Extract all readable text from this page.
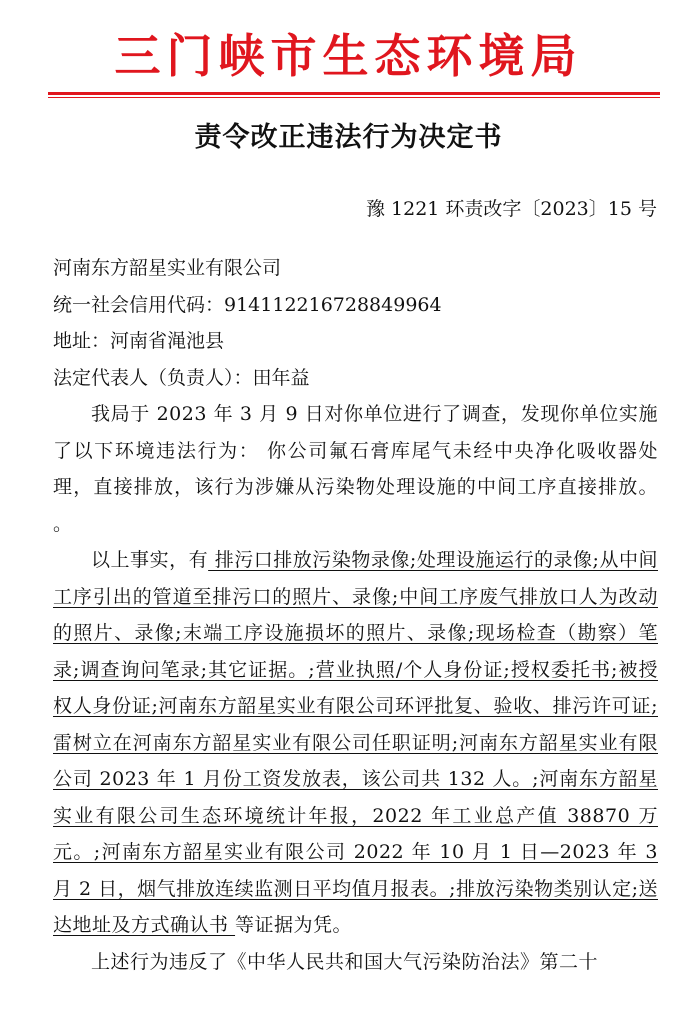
三门峡市生态环境局
责令改正违法行为决定书
豫 1221 环责改字〔2023〕15 号
河南东方韶星实业有限公司
统一社会信用代码：914112216728849964
地址：河南省渑池县
法定代表人（负责人）：田年益
我局于 2023 年 3 月 9 日对你单位进行了调查，发现你单位实施了以下环境违法行为： 你公司氟石膏库尾气未经中央净化吸收器处理，直接排放，该行为涉嫌从污染物处理设施的中间工序直接排放。 。
以上事实，有 排污口排放污染物录像;处理设施运行的录像;从中间工序引出的管道至排污口的照片、录像;中间工序废气排放口人为改动的照片、录像;末端工序设施损坏的照片、录像;现场检查（勘察）笔录;调查询问笔录;其它证据。;营业执照/个人身份证;授权委托书;被授权人身份证;河南东方韶星实业有限公司环评批复、验收、排污许可证;雷树立在河南东方韶星实业有限公司任职证明;河南东方韶星实业有限公司 2023 年 1 月份工资发放表，该公司共 132 人。;河南东方韶星实业有限公司生态环境统计年报，2022 年工业总产值 38870 万元。;河南东方韶星实业有限公司 2022 年 10 月 1 日—2023 年 3 月 2 日，烟气排放连续监测日平均值月报表。;排放污染物类别认定;送达地址及方式确认书 等证据为凭。
上述行为违反了《中华人民共和国大气污染防治法》第二十
